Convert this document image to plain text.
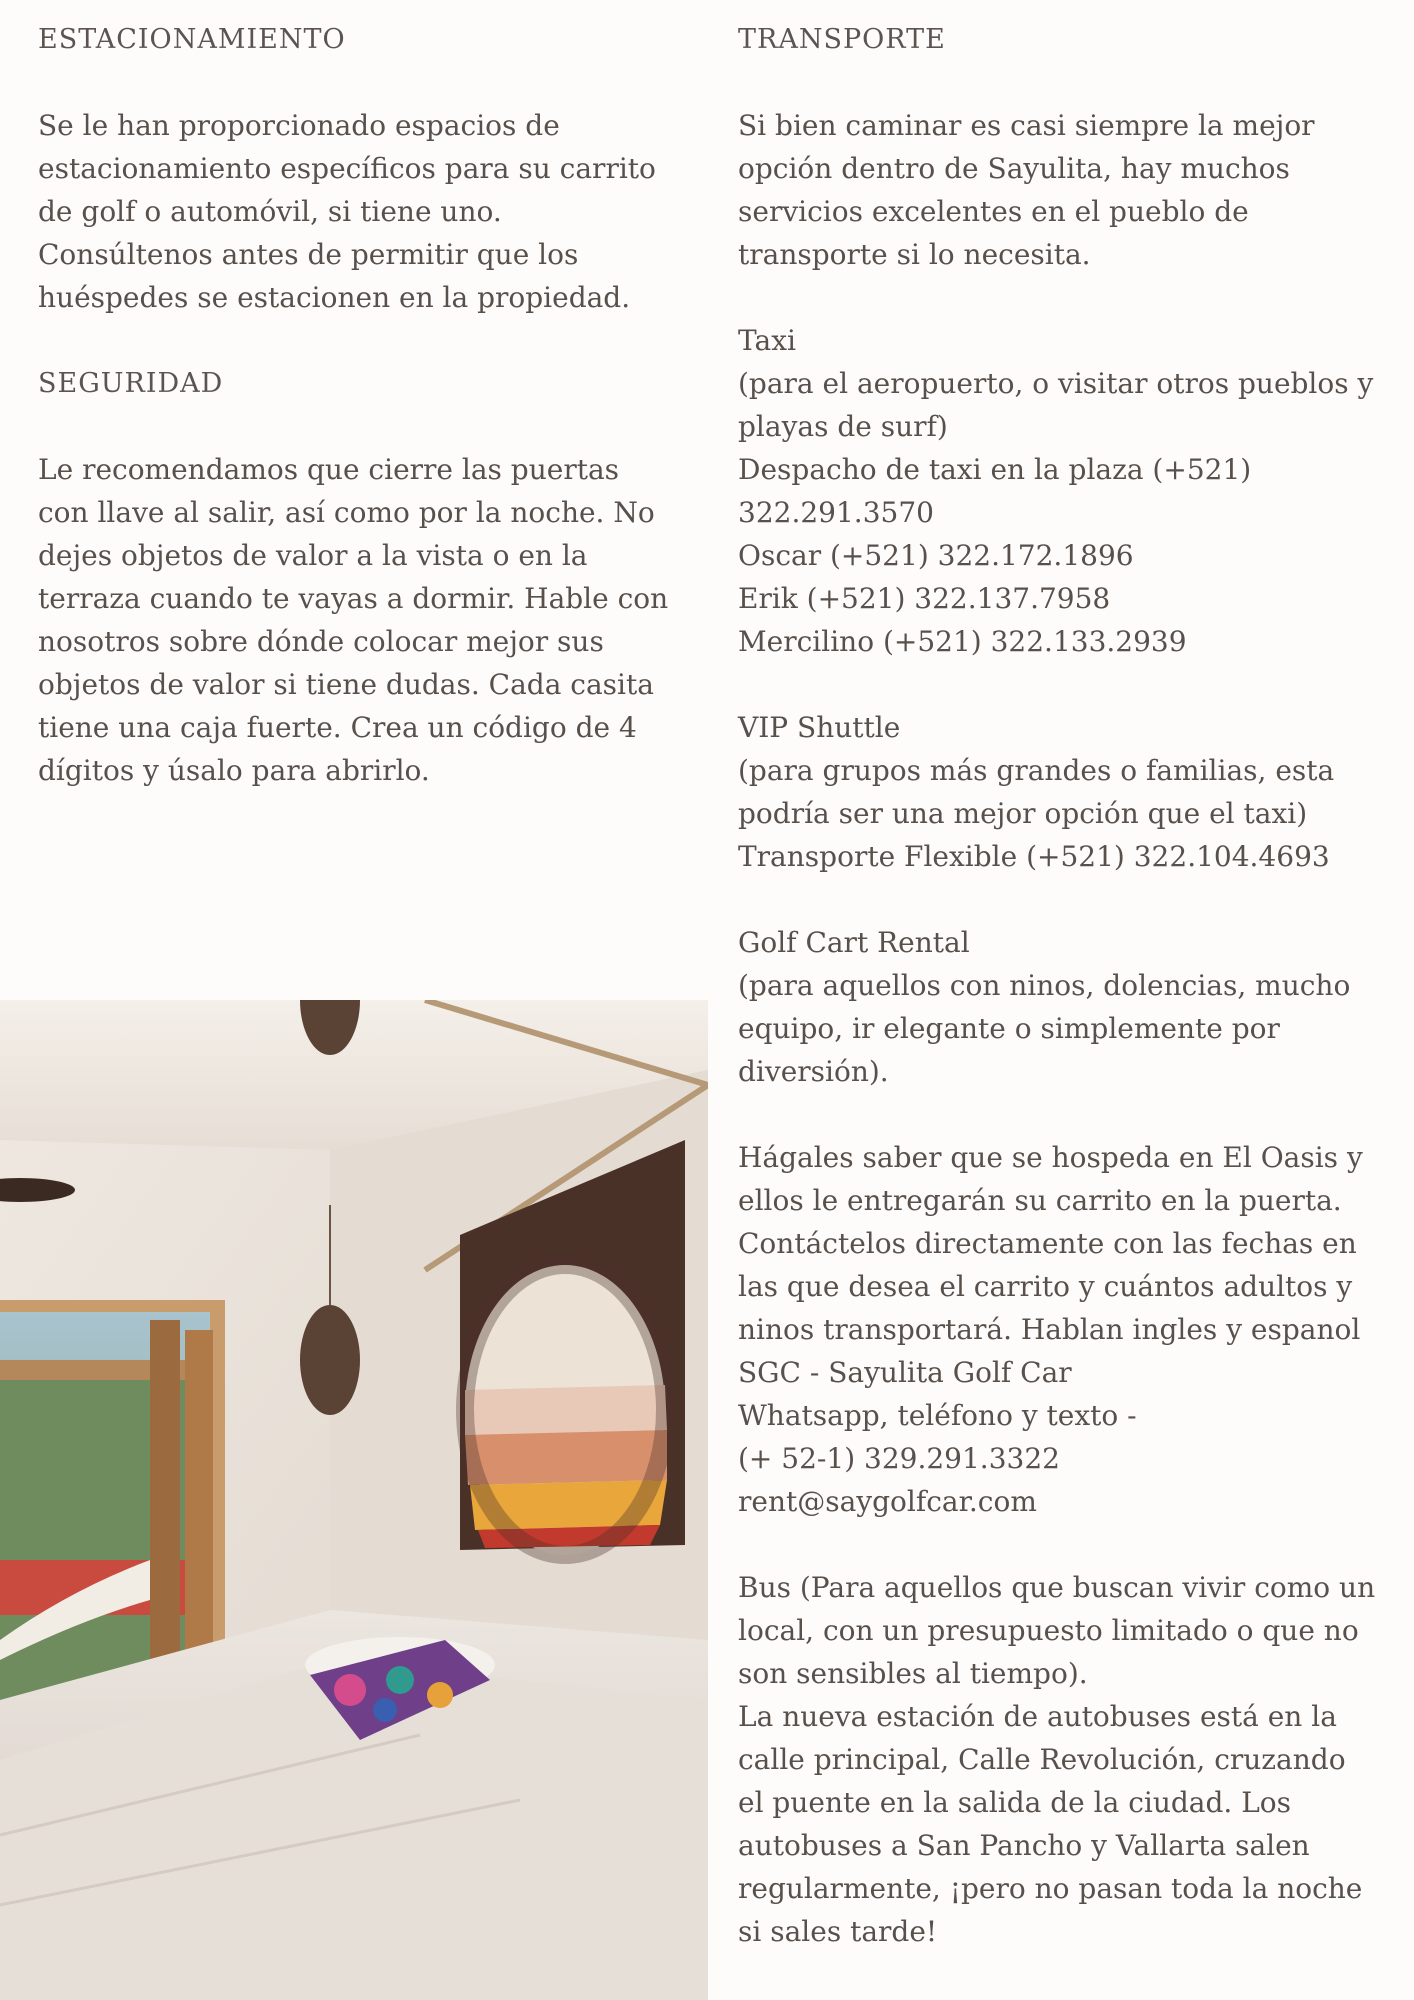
ESTACIONAMIENTO

Se le han proporcionado espacios de estacionamiento específicos para su carrito de golf o automóvil, si tiene uno. Consúltenos antes de permitir que los huéspedes se estacionen en la propiedad.

SEGURIDAD

Le recomendamos que cierre las puertas con llave al salir, así como por la noche. No dejes objetos de valor a la vista o en la terraza cuando te vayas a dormir. Hable con nosotros sobre dónde colocar mejor sus objetos de valor si tiene dudas. Cada casita tiene una caja fuerte. Crea un código de 4 dígitos y úsalo para abrirlo.

TRANSPORTE

Si bien caminar es casi siempre la mejor opción dentro de Sayulita, hay muchos servicios excelentes en el pueblo de transporte si lo necesita.

Taxi
(para el aeropuerto, o visitar otros pueblos y playas de surf)
Despacho de taxi en la plaza (+521) 322.291.3570
Oscar (+521) 322.172.1896
Erik (+521) 322.137.7958
Mercilino (+521) 322.133.2939

VIP Shuttle
(para grupos más grandes o familias, esta podría ser una mejor opción que el taxi)
Transporte Flexible (+521) 322.104.4693

Golf Cart Rental
(para aquellos con ninos, dolencias, mucho equipo, ir elegante o simplemente por diversión).

Hágales saber que se hospeda en El Oasis y ellos le entregarán su carrito en la puerta. Contáctelos directamente con las fechas en las que desea el carrito y cuántos adultos y ninos transportará. Hablan ingles y espanol
SGC - Sayulita Golf Car
Whatsapp, teléfono y texto -
(+ 52-1) 329.291.3322
rent@saygolfcar.com

Bus (Para aquellos que buscan vivir como un local, con un presupuesto limitado o que no son sensibles al tiempo).
La nueva estación de autobuses está en la calle principal, Calle Revolución, cruzando el puente en la salida de la ciudad. Los autobuses a San Pancho y Vallarta salen regularmente, ¡pero no pasan toda la noche si sales tarde!
